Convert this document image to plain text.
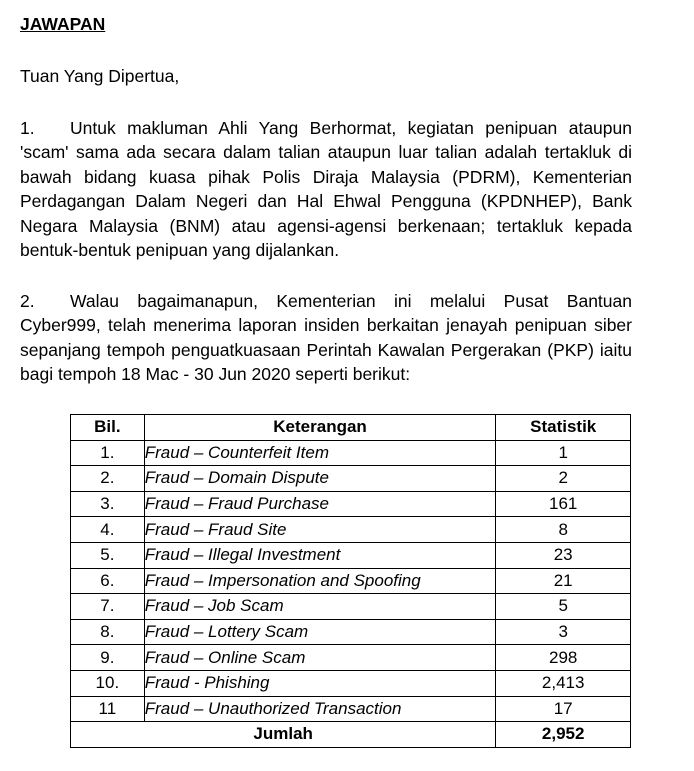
JAWAPAN

Tuan Yang Dipertua,

1. Untuk makluman Ahli Yang Berhormat, kegiatan penipuan ataupun 'scam' sama ada secara dalam talian ataupun luar talian adalah tertakluk di bawah bidang kuasa pihak Polis Diraja Malaysia (PDRM), Kementerian Perdagangan Dalam Negeri dan Hal Ehwal Pengguna (KPDNHEP), Bank Negara Malaysia (BNM) atau agensi-agensi berkenaan; tertakluk kepada bentuk-bentuk penipuan yang dijalankan.

2. Walau bagaimanapun, Kementerian ini melalui Pusat Bantuan Cyber999, telah menerima laporan insiden berkaitan jenayah penipuan siber sepanjang tempoh penguatkuasaan Perintah Kawalan Pergerakan (PKP) iaitu bagi tempoh 18 Mac - 30 Jun 2020 seperti berikut:

Bil.	Keterangan	Statistik
1.	Fraud – Counterfeit Item	1
2.	Fraud – Domain Dispute	2
3.	Fraud – Fraud Purchase	161
4.	Fraud – Fraud Site	8
5.	Fraud – Illegal Investment	23
6.	Fraud – Impersonation and Spoofing	21
7.	Fraud – Job Scam	5
8.	Fraud – Lottery Scam	3
9.	Fraud – Online Scam	298
10.	Fraud - Phishing	2,413
11	Fraud – Unauthorized Transaction	17
Jumlah		2,952
